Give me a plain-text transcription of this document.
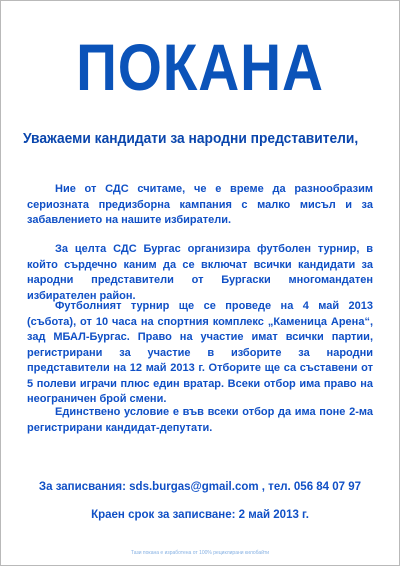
ПОКАНА
Уважаеми кандидати за народни представители,
Ние от СДС считаме, че е време да разнообразим сериозната предизборна кампания с малко мисъл и за забавлението на нашите избиратели.
За целта СДС Бургас организира футболен турнир, в който сърдечно каним да се включат всички кандидати за народни представители от Бургаски многомандатен избирателен район.
Футболният турнир ще се проведе на 4 май 2013 (събота), от 10 часа на спортния комплекс „Каменица Арена“, зад МБАЛ-Бургас. Право на участие имат всички партии, регистрирани за участие в изборите за народни представители на 12 май 2013 г. Отборите ще са съставени от 5 полеви играчи плюс един вратар. Всеки отбор има право на неограничен брой смени.
Единствено условие е във всеки отбор да има поне 2-ма регистрирани кандидат-депутати.
За записвания: sds.burgas@gmail.com , тел. 056 84 07 97
Краен срок за записване: 2 май 2013 г.
Тази покана е изработена от 100% рециклирани килобайти
